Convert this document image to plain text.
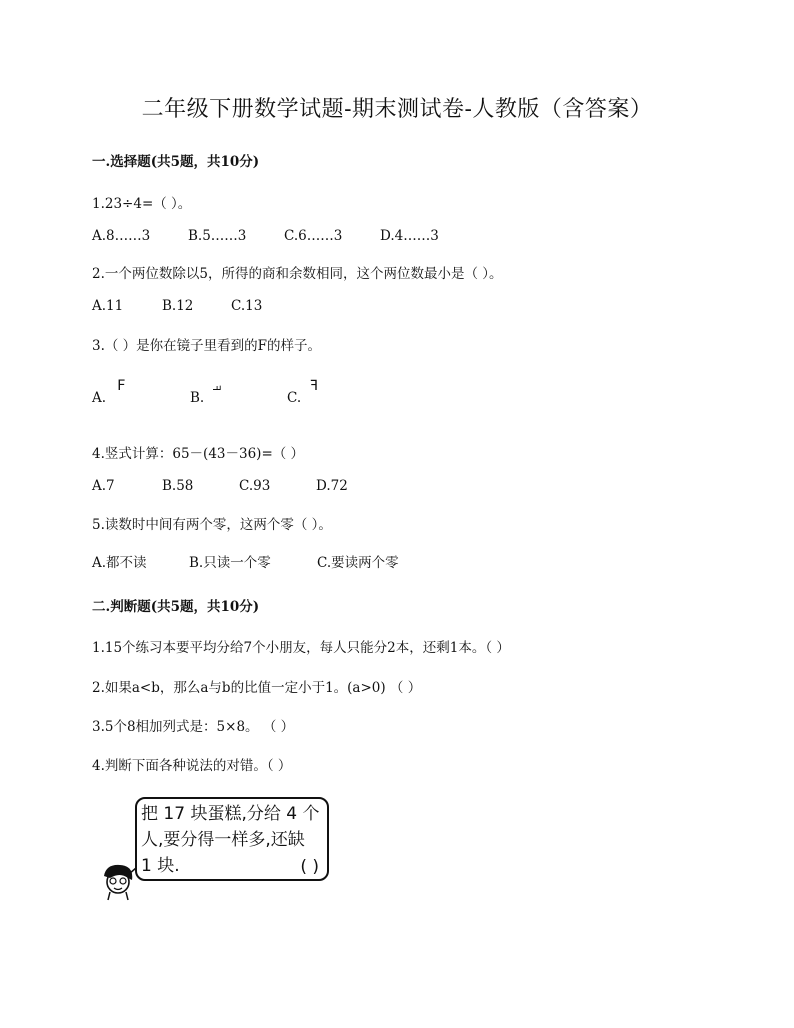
二年级下册数学试题-期末测试卷-人教版（含答案）
一.选择题(共5题，共10分)
1.23÷4=（ ）。
A.8……3	B.5……3	C.6……3	D.4……3
2.一个两位数除以5，所得的商和余数相同，这个两位数最小是（ ）。
A.11	B.12	C.13
3.（ ）是你在镜子里看到的F的样子。
A.
F
B.
ꟻ
C.
ꟻ
4.竖式计算：65－(43－36)=（ ）
A.7	B.58	C.93	D.72
5.读数时中间有两个零，这两个零（ ）。
A.都不读	B.只读一个零	C.要读两个零
二.判断题(共5题，共10分)
1.15个练习本要平均分给7个小朋友，每人只能分2本，还剩1本。（ ）
2.如果a<b，那么a与b的比值一定小于1。(a>0) （ ）
3.5个8相加列式是：5×8。 （ ）
4.判断下面各种说法的对错。（ ）
把 17 块蛋糕,分给 4 个
人,要分得一样多,还缺
1 块.	( )
